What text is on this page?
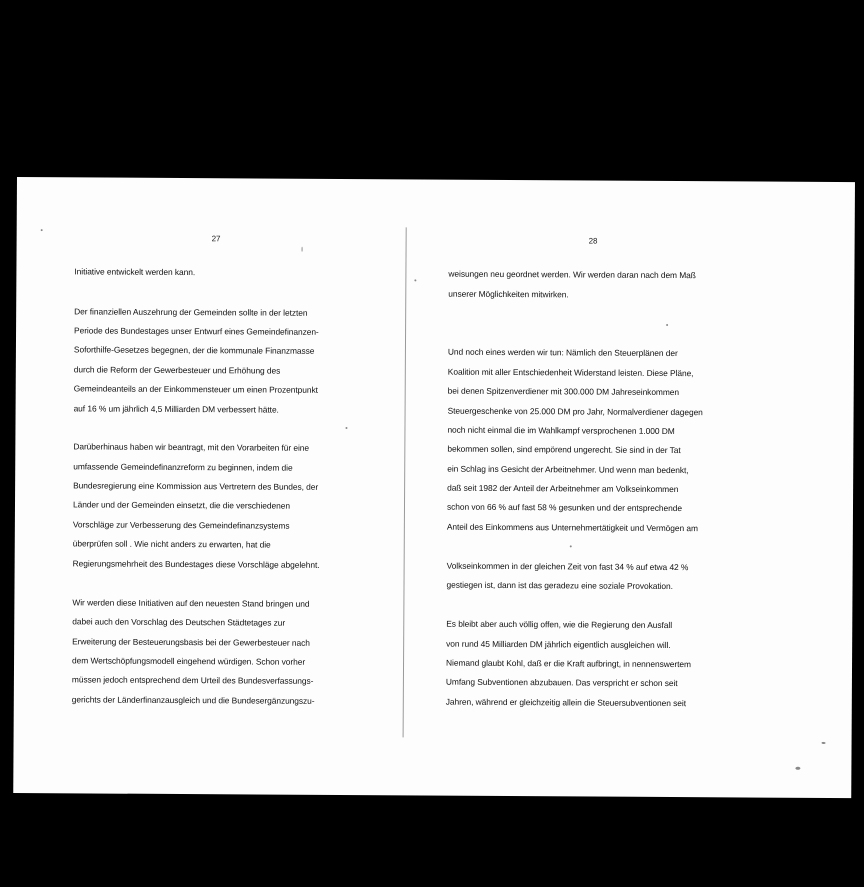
27
Initiative entwickelt werden kann.
Der finanziellen Auszehrung der Gemeinden sollte in der letzten
Periode des Bundestages unser Entwurf eines Gemeindefinanzen-
Soforthilfe-Gesetzes begegnen, der die kommunale Finanzmasse
durch die Reform der Gewerbesteuer und Erhöhung des
Gemeindeanteils an der Einkommensteuer um einen Prozentpunkt
auf 16 % um jährlich 4,5 Milliarden DM verbessert hätte.
Darüberhinaus haben wir beantragt, mit den Vorarbeiten für eine
umfassende Gemeindefinanzreform zu beginnen, indem die
Bundesregierung eine Kommission aus Vertretern des Bundes, der
Länder und der Gemeinden einsetzt, die die verschiedenen
Vorschläge zur Verbesserung des Gemeindefinanzsystems
überprüfen soll . Wie nicht anders zu erwarten, hat die
Regierungsmehrheit des Bundestages diese Vorschläge abgelehnt.
Wir werden diese Initiativen auf den neuesten Stand bringen und
dabei auch den Vorschlag des Deutschen Städtetages zur
Erweiterung der Besteuerungsbasis bei der Gewerbesteuer nach
dem Wertschöpfungsmodell eingehend würdigen. Schon vorher
müssen jedoch entsprechend dem Urteil des Bundesverfassungs-
gerichts der Länderfinanzausgleich und die Bundesergänzungszu-
28
weisungen neu geordnet werden. Wir werden daran nach dem Maß
unserer Möglichkeiten mitwirken.
Und noch eines werden wir tun: Nämlich den Steuerplänen der
Koalition mit aller Entschiedenheit Widerstand leisten. Diese Pläne,
bei denen Spitzenverdiener mit 300.000 DM Jahreseinkommen
Steuergeschenke von 25.000 DM pro Jahr, Normalverdiener dagegen
noch nicht einmal die im Wahlkampf versprochenen 1.000 DM
bekommen sollen, sind empörend ungerecht. Sie sind in der Tat
ein Schlag ins Gesicht der Arbeitnehmer. Und wenn man bedenkt,
daß seit 1982 der Anteil der Arbeitnehmer am Volkseinkommen
schon von 66 % auf fast 58 % gesunken und der entsprechende
Anteil des Einkommens aus Unternehmertätigkeit und Vermögen am
Volkseinkommen in der gleichen Zeit von fast 34 % auf etwa 42 %
gestiegen ist, dann ist das geradezu eine soziale Provokation.
Es bleibt aber auch völlig offen, wie die Regierung den Ausfall
von rund 45 Milliarden DM jährlich eigentlich ausgleichen will.
Niemand glaubt Kohl, daß er die Kraft aufbringt, in nennenswertem
Umfang Subventionen abzubauen. Das verspricht er schon seit
Jahren, während er gleichzeitig allein die Steuersubventionen seit
